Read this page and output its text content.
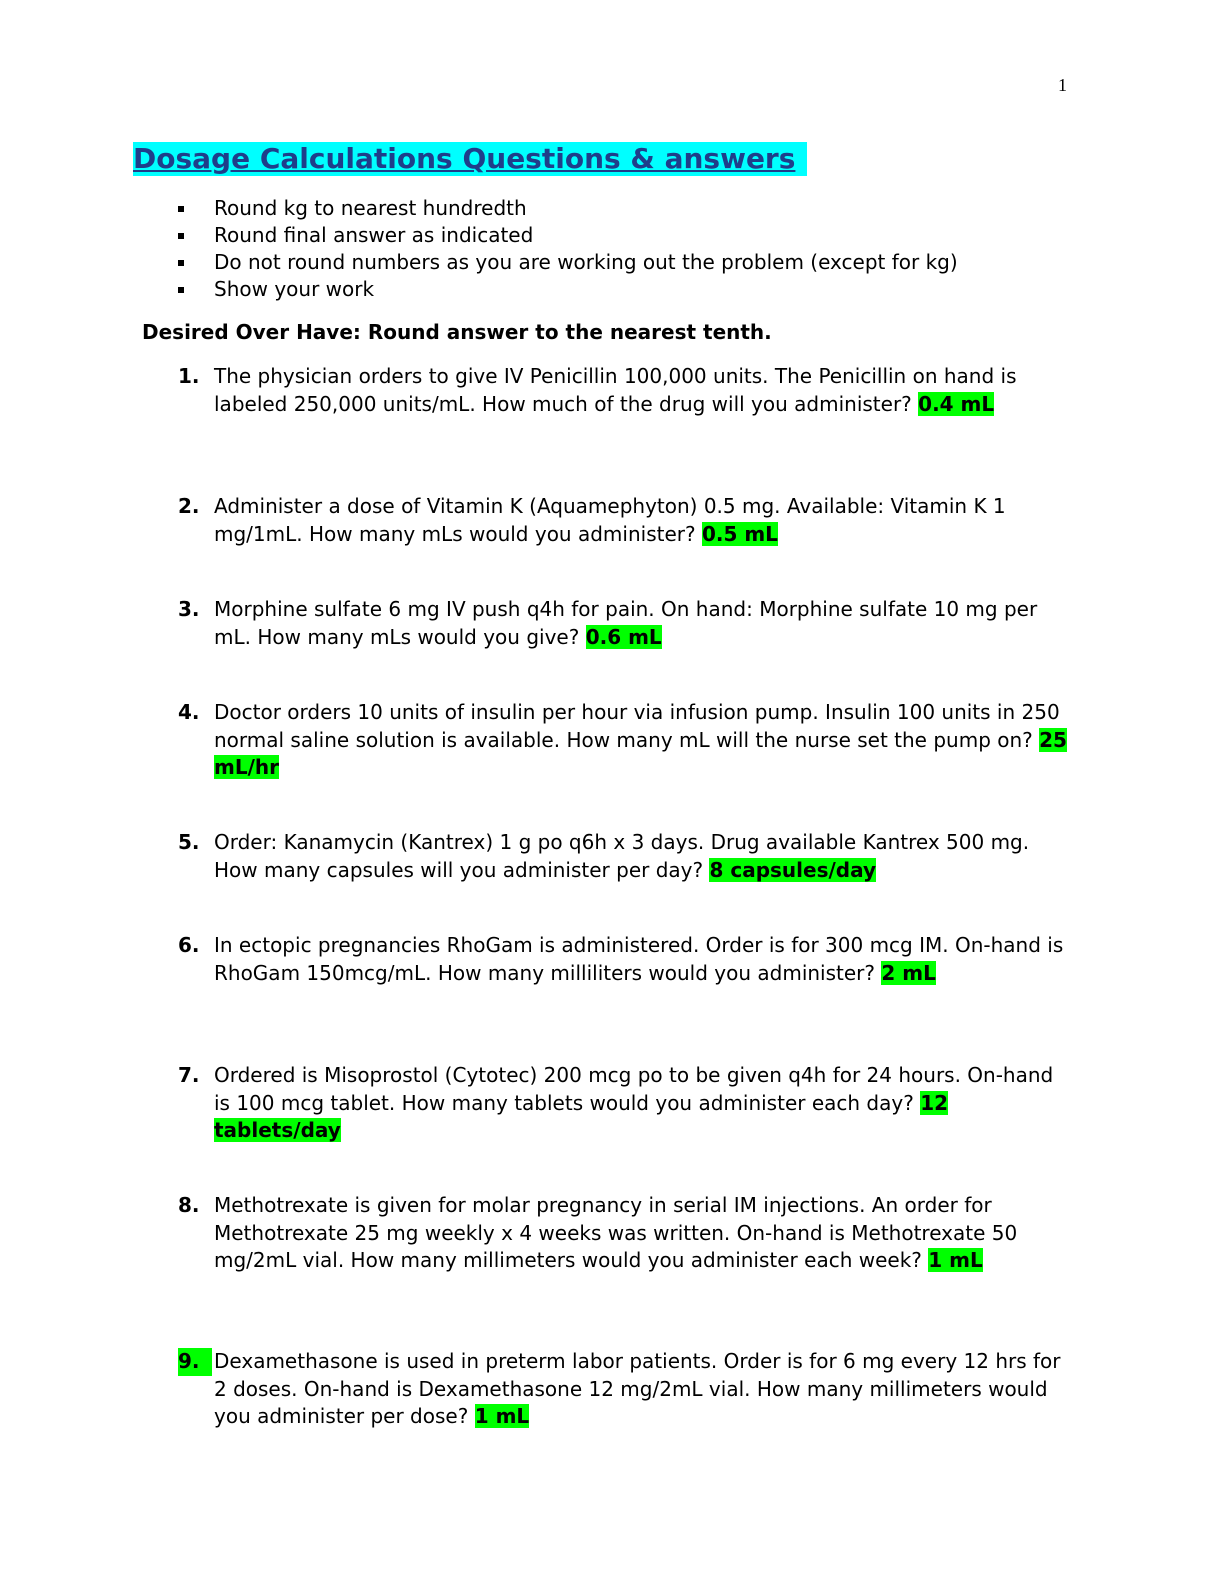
1
Dosage Calculations Questions & answers
Round kg to nearest hundredth
Round final answer as indicated
Do not round numbers as you are working out the problem (except for kg)
Show your work
Desired Over Have: Round answer to the nearest tenth.
1. The physician orders to give IV Penicillin 100,000 units. The Penicillin on hand is labeled 250,000 units/mL. How much of the drug will you administer? 0.4 mL
2. Administer a dose of Vitamin K (Aquamephyton) 0.5 mg. Available: Vitamin K 1 mg/1mL. How many mLs would you administer? 0.5 mL
3. Morphine sulfate 6 mg IV push q4h for pain. On hand: Morphine sulfate 10 mg per mL. How many mLs would you give? 0.6 mL
4. Doctor orders 10 units of insulin per hour via infusion pump. Insulin 100 units in 250 normal saline solution is available. How many mL will the nurse set the pump on? 25 mL/hr
5. Order: Kanamycin (Kantrex) 1 g po q6h x 3 days. Drug available Kantrex 500 mg. How many capsules will you administer per day? 8 capsules/day
6. In ectopic pregnancies RhoGam is administered. Order is for 300 mcg IM. On-hand is RhoGam 150mcg/mL. How many milliliters would you administer? 2 mL
7. Ordered is Misoprostol (Cytotec) 200 mcg po to be given q4h for 24 hours. On-hand is 100 mcg tablet. How many tablets would you administer each day? 12 tablets/day
8. Methotrexate is given for molar pregnancy in serial IM injections. An order for Methotrexate 25 mg weekly x 4 weeks was written. On-hand is Methotrexate 50 mg/2mL vial. How many millimeters would you administer each week? 1 mL
9. Dexamethasone is used in preterm labor patients. Order is for 6 mg every 12 hrs for 2 doses. On-hand is Dexamethasone 12 mg/2mL vial. How many millimeters would you administer per dose? 1 mL
